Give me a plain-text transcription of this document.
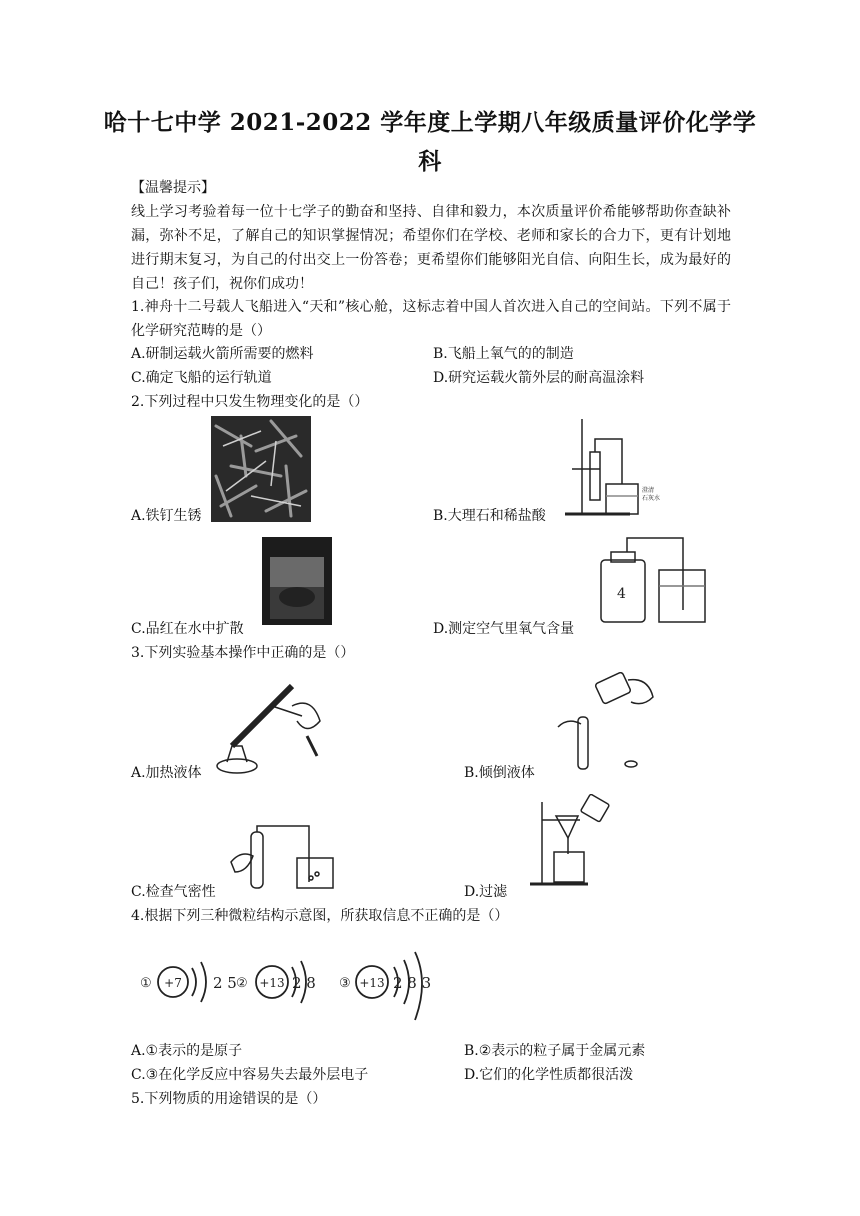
哈十七中学 2021-2022 学年度上学期八年级质量评价化学学
科
【温馨提示】
线上学习考验着每一位十七学子的勤奋和坚持、自律和毅力，本次质量评价希能够帮助你查缺补漏，弥补不足，了解自己的知识掌握情况；希望你们在学校、老师和家长的合力下，更有计划地进行期末复习，为自己的付出交上一份答卷；更希望你们能够阳光自信、向阳生长，成为最好的自己！孩子们，祝你们成功！
1.神舟十二号载人飞船进入“天和”核心舱，这标志着中国人首次进入自己的空间站。下列不属于化学研究范畴的是（）
A.研制运载火箭所需要的燃料	B.飞船上氧气的的制造
C.确定飞船的运行轨道	D.研究运载火箭外层的耐高温涂料
2.下列过程中只发生物理变化的是（）
A.铁钉生锈
澄清
石灰水
B.大理石和稀盐酸
C.品红在水中扩散
4
D.测定空气里氧气含量
3.下列实验基本操作中正确的是（）
A.加热液体	B.倾倒液体
C.检查气密性	D.过滤
4.根据下列三种微粒结构示意图，所获取信息不正确的是（）
① +7 2 5 ② +13 2 8 ③ +13 2 8 3
A.①表示的是原子	B.②表示的粒子属于金属元素
C.③在化学反应中容易失去最外层电子	D.它们的化学性质都很活泼
5.下列物质的用途错误的是（）
